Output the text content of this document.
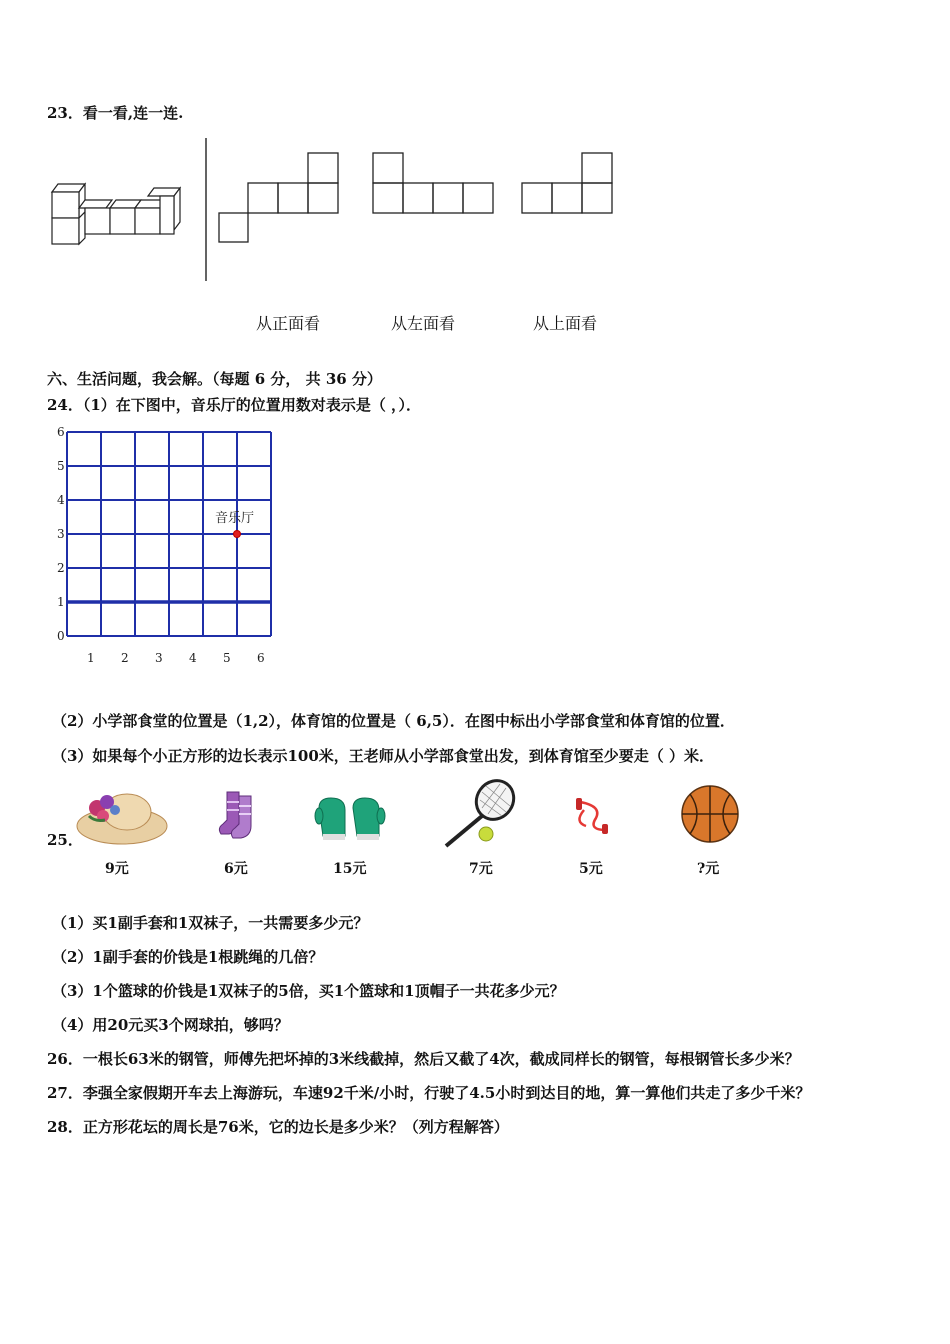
23．看一看,连一连.
从正面看	从左面看	从上面看
六、生活问题，我会解。（每题 6 分， 共 36 分）
24．（1）在下图中，音乐厅的位置用数对表示是（ ，）．
1 2 3 4 5 6
6
5
4
3
2
1
0
音乐厅
（2）小学部食堂的位置是（1,2），体育馆的位置是（ 6,5）．在图中标出小学部食堂和体育馆的位置．
（3）如果每个小正方形的边长表示100米，王老师从小学部食堂出发，到体育馆至少要走（ ）米．
25．
9元	6元	15元	7元	5元	?元
（1）买1副手套和1双袜子，一共需要多少元？
（2）1副手套的价钱是1根跳绳的几倍？
（3）1个篮球的价钱是1双袜子的5倍，买1个篮球和1顶帽子一共花多少元？
（4）用20元买3个网球拍，够吗？
26．一根长63米的钢管，师傅先把坏掉的3米线截掉，然后又截了4次，截成同样长的钢管，每根钢管长多少米？
27．李强全家假期开车去上海游玩，车速92千米/小时，行驶了4.5小时到达目的地，算一算他们共走了多少千米？
28．正方形花坛的周长是76米，它的边长是多少米？（列方程解答）
